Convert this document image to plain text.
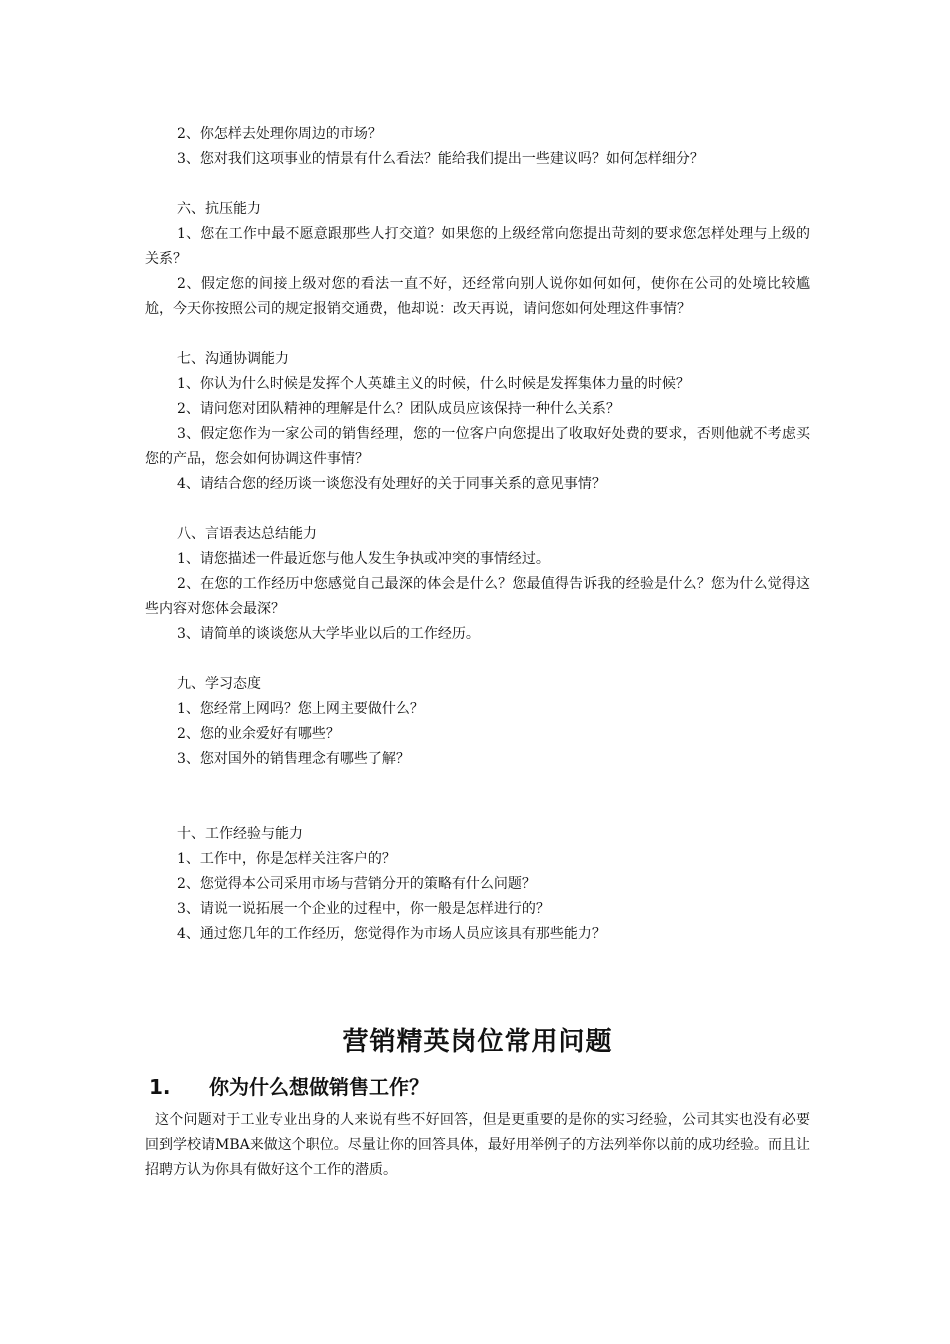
2、你怎样去处理你周边的市场？

3、您对我们这项事业的情景有什么看法？能给我们提出一些建议吗？如何怎样细分？

六、抗压能力

1、您在工作中最不愿意跟那些人打交道？如果您的上级经常向您提出苛刻的要求您怎样处理与上级的关系？

2、假定您的间接上级对您的看法一直不好，还经常向别人说你如何如何，使你在公司的处境比较尴尬，今天你按照公司的规定报销交通费，他却说：改天再说，请问您如何处理这件事情？

七、沟通协调能力

1、你认为什么时候是发挥个人英雄主义的时候，什么时候是发挥集体力量的时候？

2、请问您对团队精神的理解是什么？团队成员应该保持一种什么关系？

3、假定您作为一家公司的销售经理，您的一位客户向您提出了收取好处费的要求，否则他就不考虑买您的产品，您会如何协调这件事情？

4、请结合您的经历谈一谈您没有处理好的关于同事关系的意见事情？

八、言语表达总结能力

1、请您描述一件最近您与他人发生争执或冲突的事情经过。

2、在您的工作经历中您感觉自己最深的体会是什么？您最值得告诉我的经验是什么？您为什么觉得这些内容对您体会最深？

3、请简单的谈谈您从大学毕业以后的工作经历。

九、学习态度

1、您经常上网吗？您上网主要做什么？

2、您的业余爱好有哪些？

3、您对国外的销售理念有哪些了解？

十、工作经验与能力

1、工作中，你是怎样关注客户的？

2、您觉得本公司采用市场与营销分开的策略有什么问题？

3、请说一说拓展一个企业的过程中，你一般是怎样进行的？

4、通过您几年的工作经历，您觉得作为市场人员应该具有那些能力？

营销精英岗位常用问题
1.	你为什么想做销售工作？

这个问题对于工业专业出身的人来说有些不好回答，但是更重要的是你的实习经验，公司其实也没有必要回到学校请MBA来做这个职位。尽量让你的回答具体，最好用举例子的方法列举你以前的成功经验。而且让招聘方认为你具有做好这个工作的潜质。
